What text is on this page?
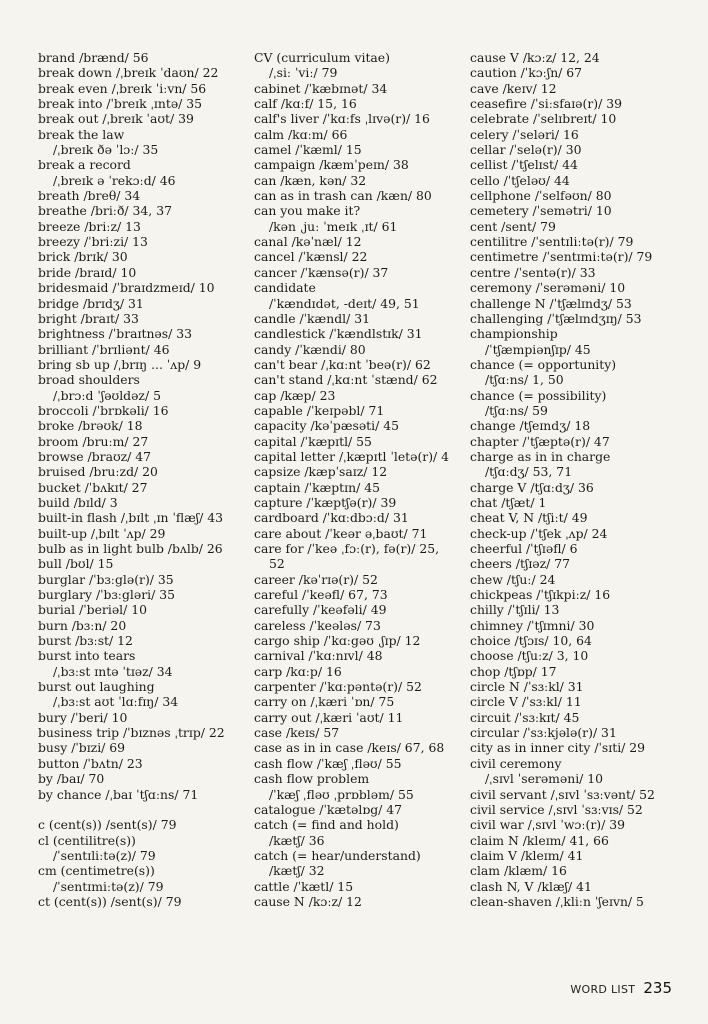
brand /brænd/ 56
break down /ˌbreɪk ˈdaʊn/ 22
break even /ˌbreɪk ˈiːvn/ 56
break into /ˈbreɪk ˌɪntə/ 35
break out /ˌbreɪk ˈaʊt/ 39
break the law
/ˌbreɪk ðə ˈlɔː/ 35
break a record
/ˌbreɪk ə ˈrekɔːd/ 46
breath /breθ/ 34
breathe /briːð/ 34, 37
breeze /briːz/ 13
breezy /ˈbriːzi/ 13
brick /brɪk/ 30
bride /braɪd/ 10
bridesmaid /ˈbraɪdzmeɪd/ 10
bridge /brɪdʒ/ 31
bright /braɪt/ 33
brightness /ˈbraɪtnəs/ 33
brilliant /ˈbrɪliənt/ 46
bring sb up /ˌbrɪŋ ... ˈʌp/ 9
broad shoulders
/ˌbrɔːd ˈʃəʊldəz/ 5
broccoli /ˈbrɒkəli/ 16
broke /brəʊk/ 18
broom /bruːm/ 27
browse /braʊz/ 47
bruised /bruːzd/ 20
bucket /ˈbʌkɪt/ 27
build /bɪld/ 3
built-in flash /ˌbɪlt ˌɪn ˈflæʃ/ 43
built-up /ˌbɪlt ˈʌp/ 29
bulb as in light bulb /bʌlb/ 26
bull /bʊl/ 15
burglar /ˈbɜːglə(r)/ 35
burglary /ˈbɜːgləri/ 35
burial /ˈberiəl/ 10
burn /bɜːn/ 20
burst /bɜːst/ 12
burst into tears
/ˌbɜːst ɪntə ˈtɪəz/ 34
burst out laughing
/ˌbɜːst aʊt ˈlɑːfɪŋ/ 34
bury /ˈberi/ 10
business trip /ˈbɪznəs ˌtrɪp/ 22
busy /ˈbɪzi/ 69
button /ˈbʌtn/ 23
by /baɪ/ 70
by chance /ˌbaɪ ˈtʃɑːns/ 71
c (cent(s)) /sent(s)/ 79
cl (centilitre(s))
/ˈsentɪliːtə(z)/ 79
cm (centimetre(s))
/ˈsentɪmiːtə(z)/ 79
ct (cent(s)) /sent(s)/ 79
CV (curriculum vitae)
/ˌsiː ˈviː/ 79
cabinet /ˈkæbɪnət/ 34
calf /kɑːf/ 15, 16
calf's liver /ˈkɑːfs ˌlɪvə(r)/ 16
calm /kɑːm/ 66
camel /ˈkæml/ 15
campaign /kæmˈpeɪn/ 38
can /kæn, kən/ 32
can as in trash can /kæn/ 80
can you make it?
/kən ˌjuː ˈmeɪk ˌɪt/ 61
canal /kəˈnæl/ 12
cancel /ˈkænsl/ 22
cancer /ˈkænsə(r)/ 37
candidate
/ˈkændɪdət, -deɪt/ 49, 51
candle /ˈkændl/ 31
candlestick /ˈkændlstɪk/ 31
candy /ˈkændi/ 80
can't bear /ˌkɑːnt ˈbeə(r)/ 62
can't stand /ˌkɑːnt ˈstænd/ 62
cap /kæp/ 23
capable /ˈkeɪpəbl/ 71
capacity /kəˈpæsəti/ 45
capital /ˈkæpɪtl/ 55
capital letter /ˌkæpɪtl ˈletə(r)/ 4
capsize /kæpˈsaɪz/ 12
captain /ˈkæptɪn/ 45
capture /ˈkæptʃə(r)/ 39
cardboard /ˈkɑːdbɔːd/ 31
care about /ˈkeər əˌbaʊt/ 71
care for /ˈkeə ˌfɔː(r), fə(r)/ 25,
52
career /kəˈrɪə(r)/ 52
careful /ˈkeəfl/ 67, 73
carefully /ˈkeəfəli/ 49
careless /ˈkeələs/ 73
cargo ship /ˈkɑːgəʊ ˌʃɪp/ 12
carnival /ˈkɑːnɪvl/ 48
carp /kɑːp/ 16
carpenter /ˈkɑːpəntə(r)/ 52
carry on /ˌkæri ˈɒn/ 75
carry out /ˌkæri ˈaʊt/ 11
case /keɪs/ 57
case as in in case /keɪs/ 67, 68
cash flow /ˈkæʃ ˌfləʊ/ 55
cash flow problem
/ˈkæʃ ˌfləʊ ˌprɒbləm/ 55
catalogue /ˈkætəlɒg/ 47
catch (= find and hold)
/kætʃ/ 36
catch (= hear/understand)
/kætʃ/ 32
cattle /ˈkætl/ 15
cause N /kɔːz/ 12
cause V /kɔːz/ 12, 24
caution /ˈkɔːʃn/ 67
cave /keɪv/ 12
ceasefire /ˈsiːsfaɪə(r)/ 39
celebrate /ˈselɪbreɪt/ 10
celery /ˈseləri/ 16
cellar /ˈselə(r)/ 30
cellist /ˈtʃelɪst/ 44
cello /ˈtʃeləʊ/ 44
cellphone /ˈselfəʊn/ 80
cemetery /ˈsemətri/ 10
cent /sent/ 79
centilitre /ˈsentɪliːtə(r)/ 79
centimetre /ˈsentɪmiːtə(r)/ 79
centre /ˈsentə(r)/ 33
ceremony /ˈserəməni/ 10
challenge N /ˈtʃælɪndʒ/ 53
challenging /ˈtʃælɪndʒɪŋ/ 53
championship
/ˈtʃæmpiənʃɪp/ 45
chance (= opportunity)
/tʃɑːns/ 1, 50
chance (= possibility)
/tʃɑːns/ 59
change /tʃeɪndʒ/ 18
chapter /ˈtʃæptə(r)/ 47
charge as in in charge
/tʃɑːdʒ/ 53, 71
charge V /tʃɑːdʒ/ 36
chat /tʃæt/ 1
cheat V, N /tʃiːt/ 49
check-up /ˈtʃek ˌʌp/ 24
cheerful /ˈtʃɪəfl/ 6
cheers /tʃɪəz/ 77
chew /tʃuː/ 24
chickpeas /ˈtʃɪkpiːz/ 16
chilly /ˈtʃɪli/ 13
chimney /ˈtʃɪmni/ 30
choice /tʃɔɪs/ 10, 64
choose /tʃuːz/ 3, 10
chop /tʃɒp/ 17
circle N /ˈsɜːkl/ 31
circle V /ˈsɜːkl/ 11
circuit /ˈsɜːkɪt/ 45
circular /ˈsɜːkjələ(r)/ 31
city as in inner city /ˈsɪti/ 29
civil ceremony
/ˌsɪvl ˈserəməni/ 10
civil servant /ˌsɪvl ˈsɜːvənt/ 52
civil service /ˌsɪvl ˈsɜːvɪs/ 52
civil war /ˌsɪvl ˈwɔː(r)/ 39
claim N /kleɪm/ 41, 66
claim V /kleɪm/ 41
clam /klæm/ 16
clash N, V /klæʃ/ 41
clean-shaven /ˌkliːn ˈʃeɪvn/ 5
WORD LIST 235
